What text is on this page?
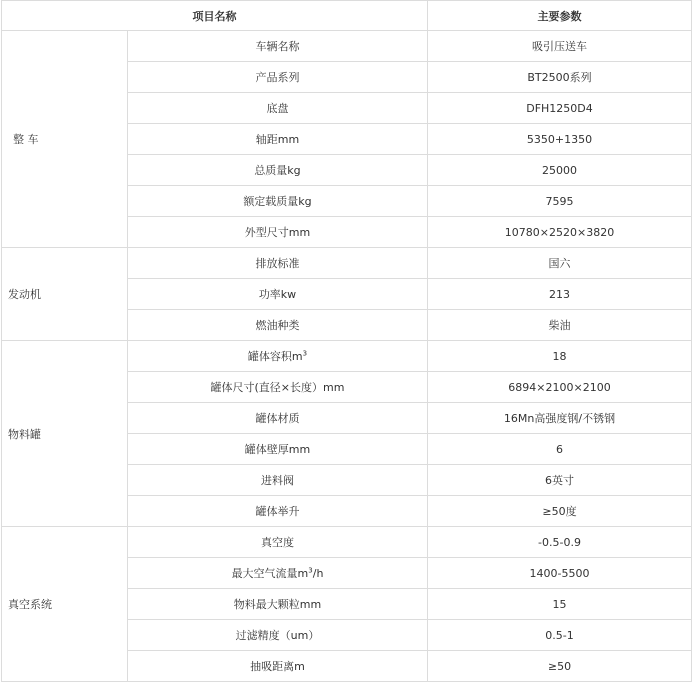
项目名称		主要参数
整 车	车辆名称	吸引压送车
	产品系列	BT2500系列
	底盘	DFH1250D4
	轴距mm	5350+1350
	总质量kg	25000
	额定载质量kg	7595
	外型尺寸mm	10780×2520×3820
发动机	排放标准	国六
	功率kw	213
	燃油种类	柴油
物料罐	罐体容积$m^3$	18
	罐体尺寸(直径×长度）mm	6894×2100×2100
	罐体材质	16Mn高强度钢/不锈钢
	罐体壁厚mm	6
	进料阀	6英寸
	罐体举升	≥50度
真空系统	真空度	-0.5-0.9
	最大空气流量$m^3/h$	1400-5500
	物料最大颗粒mm	15
	过滤精度（um）	0.5-1
	抽吸距离m	≥50
